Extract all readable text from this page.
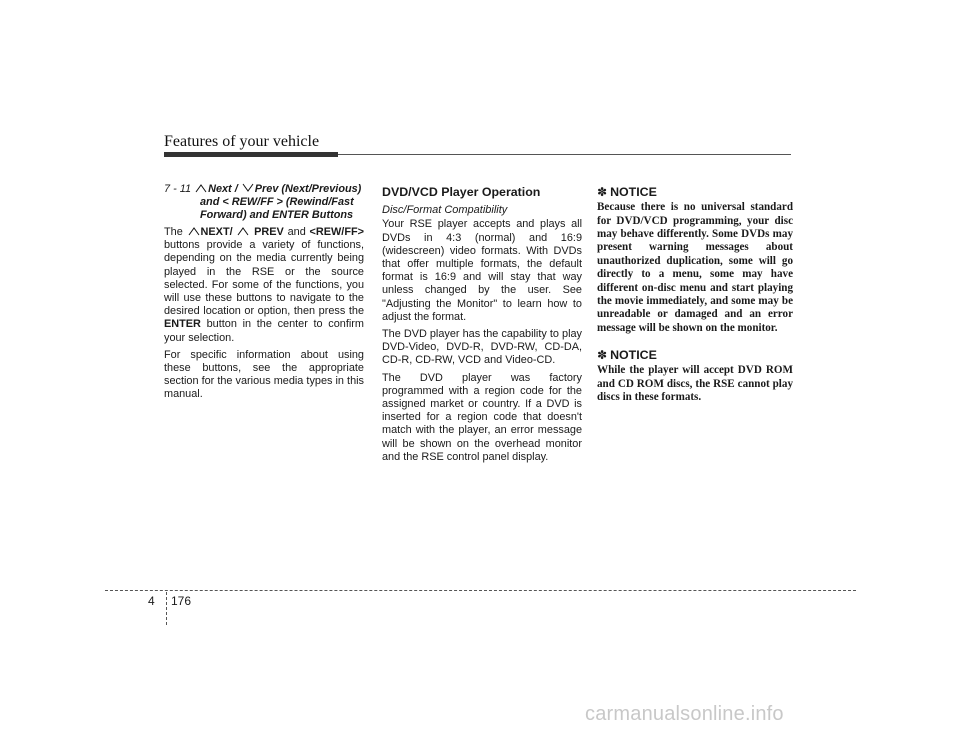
Features of your vehicle
7 - 11 Next / Prev (Next/Previous)
and < REW/FF > (Rewind/Fast
Forward) and ENTER Buttons

The NEXT/ PREV and <REW/FF> buttons provide a variety of functions, depending on the media currently being played in the RSE or the source selected. For some of the functions, you will use these buttons to navigate to the desired location or option, then press the ENTER button in the center to confirm your selection.

For specific information about using these buttons, see the appropriate section for the various media types in this manual.

DVD/VCD Player Operation
Disc/Format Compatibility

Your RSE player accepts and plays all DVDs in 4:3 (normal) and 16:9 (widescreen) video formats. With DVDs that offer multiple formats, the default format is 16:9 and will stay that way unless changed by the user. See "Adjusting the Monitor" to learn how to adjust the format.

The DVD player has the capability to play DVD-Video, DVD-R, DVD-RW, CD-DA, CD-R, CD-RW, VCD and Video-CD.

The DVD player was factory programmed with a region code for the assigned market or country. If a DVD is inserted for a region code that doesn't match with the player, an error message will be shown on the overhead monitor and the RSE control panel display.

✽ NOTICE
Because there is no universal standard for DVD/VCD programming, your disc may behave differently. Some DVDs may present warning messages about unauthorized duplication, some will go directly to a menu, some may have different on-disc menu and start playing the movie immediately, and some may be unreadable or damaged and an error message will be shown on the monitor.
✽ NOTICE
While the player will accept DVD ROM and CD ROM discs, the RSE cannot play discs in these formats.
4 176
carmanualsonline.info
